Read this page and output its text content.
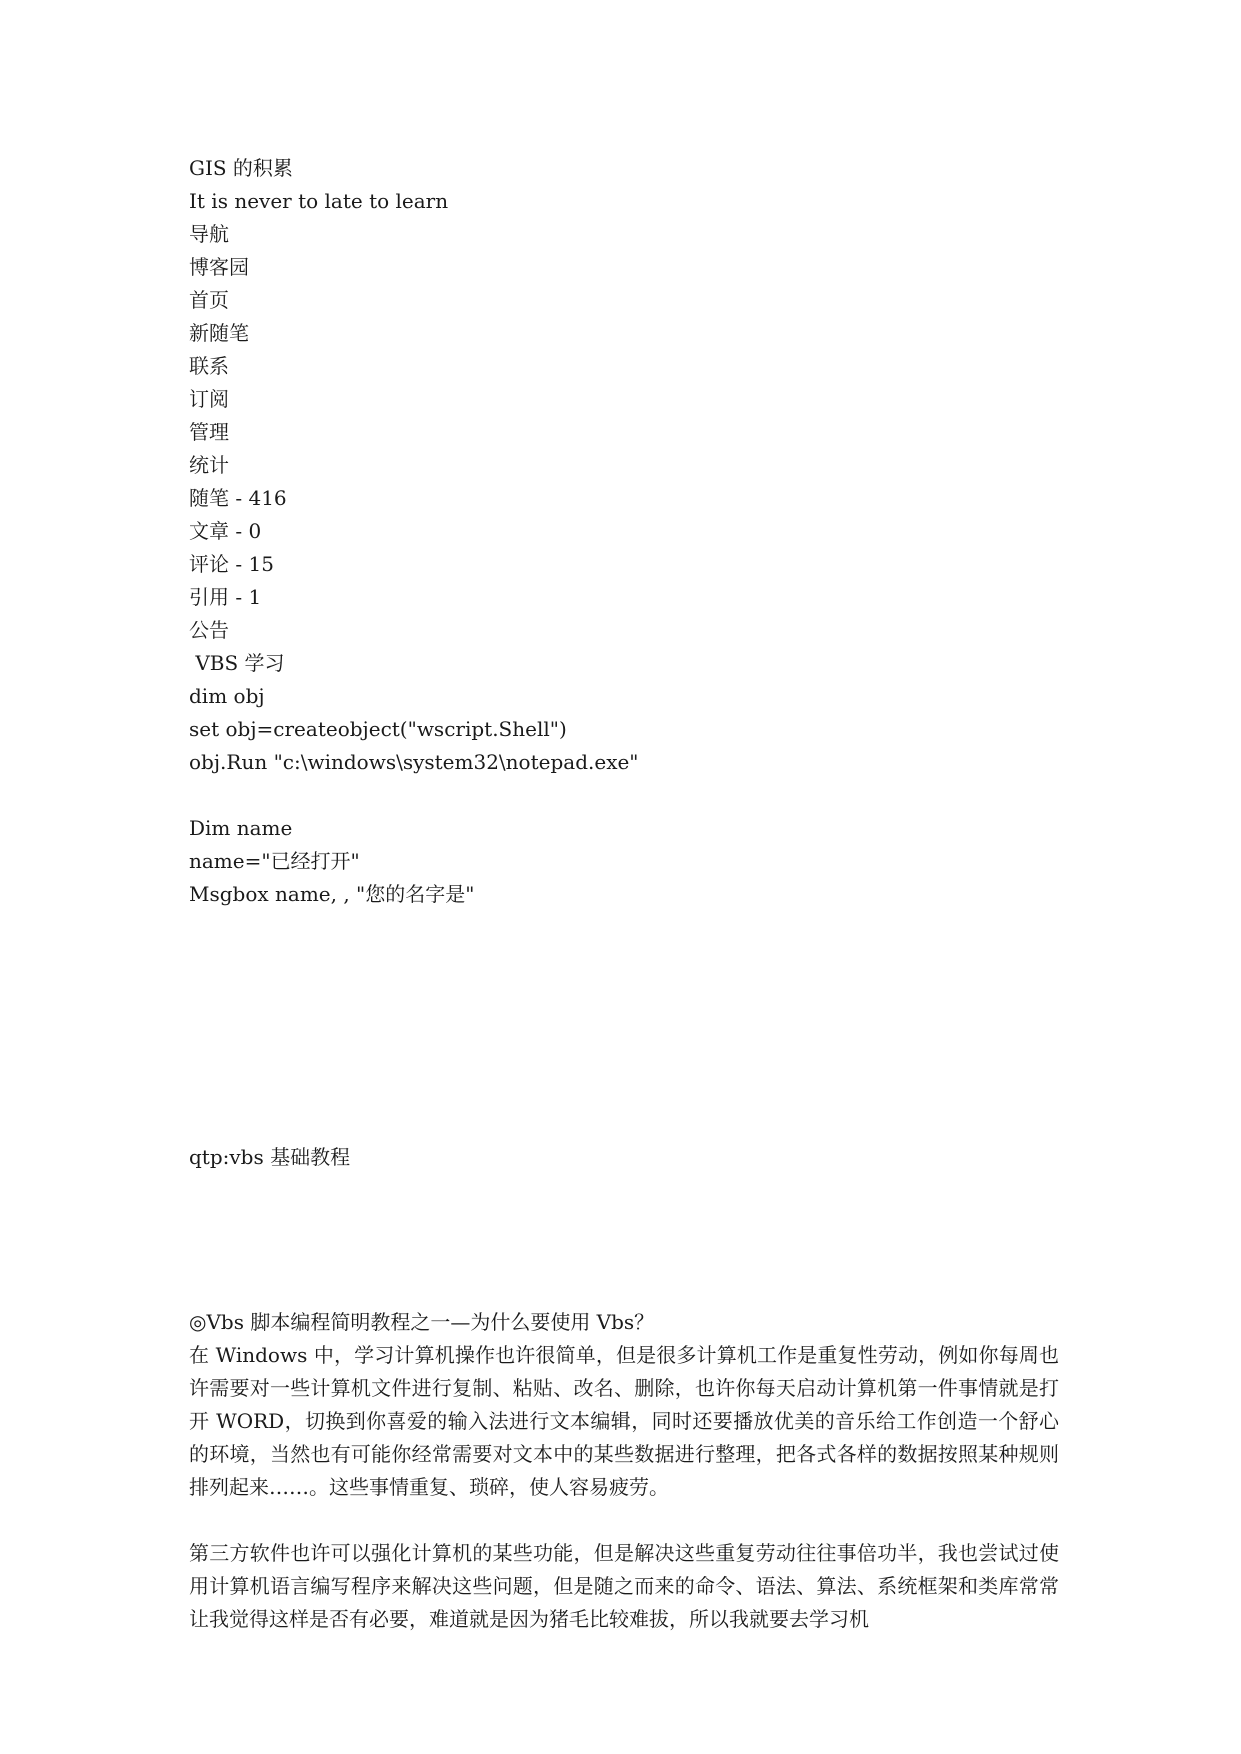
GIS 的积累
It is never to late to learn
导航
博客园
首页
新随笔
联系
订阅
管理
统计
随笔 - 416
文章 - 0
评论 - 15
引用 - 1
公告
VBS 学习
dim obj
set obj=createobject("wscript.Shell")
obj.Run "c:\windows\system32\notepad.exe"
Dim name
name="已经打开"
Msgbox name, , "您的名字是"
qtp:vbs 基础教程
◎Vbs 脚本编程简明教程之一—为什么要使用 Vbs？
在 Windows 中，学习计算机操作也许很简单，但是很多计算机工作是重复性劳动，例如你每周也许需要对一些计算机文件进行复制、粘贴、改名、删除，也许你每天启动计算机第一件事情就是打开 WORD，切换到你喜爱的输入法进行文本编辑，同时还要播放优美的音乐给工作创造一个舒心的环境，当然也有可能你经常需要对文本中的某些数据进行整理，把各式各样的数据按照某种规则排列起来……。这些事情重复、琐碎，使人容易疲劳。
第三方软件也许可以强化计算机的某些功能，但是解决这些重复劳动往往事倍功半，我也尝试过使用计算机语言编写程序来解决这些问题，但是随之而来的命令、语法、算法、系统框架和类库常常让我觉得这样是否有必要，难道就是因为猪毛比较难拔，所以我就要去学习机
